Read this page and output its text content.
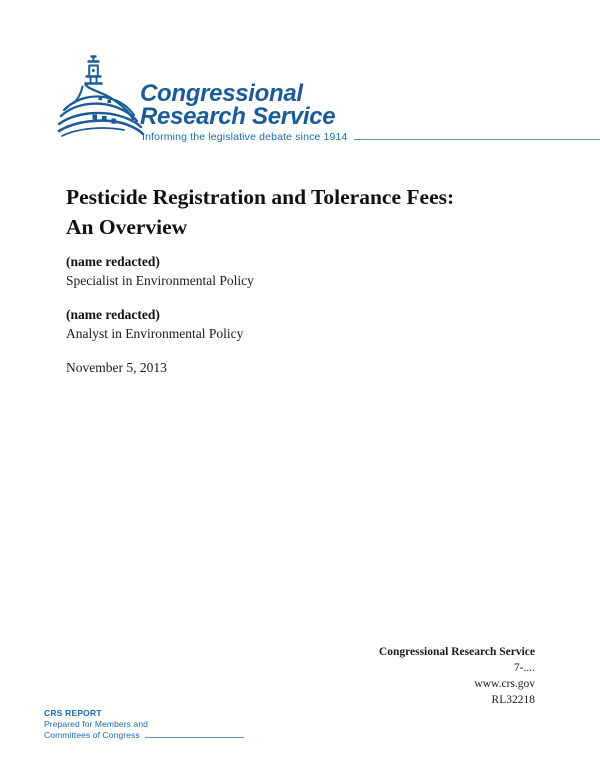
Congressional
Research Service
Informing the legislative debate since 1914
Pesticide Registration and Tolerance Fees:
An Overview
(name redacted)
Specialist in Environmental Policy
(name redacted)
Analyst in Environmental Policy
November 5, 2013
Congressional Research Service
7-....
www.crs.gov
RL32218
CRS REPORT
Prepared for Members and
Committees of Congress
